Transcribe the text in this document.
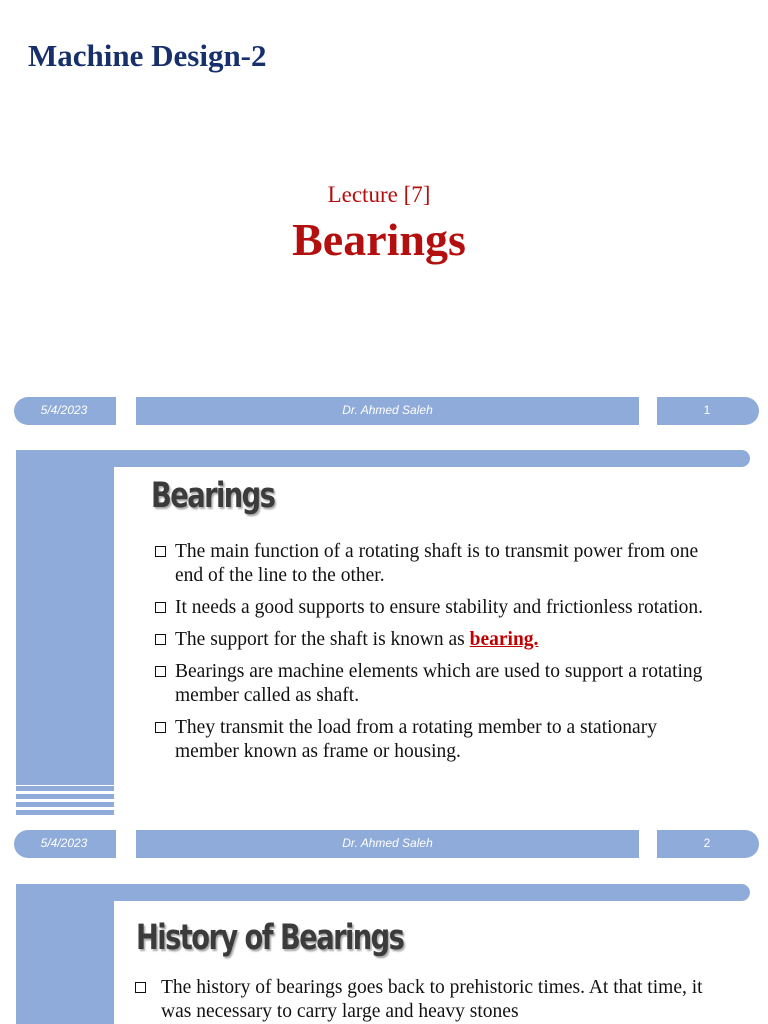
Machine Design-2
Lecture [7]
Bearings
5/4/2023	Dr. Ahmed Saleh	1
Bearings
The main function of a rotating shaft is to transmit power from one end of the line to the other.
It needs a good supports to ensure stability and frictionless rotation.
The support for the shaft is known as bearing.
Bearings are machine elements which are used to support a rotating member called as shaft.
They transmit the load from a rotating member to a stationary member known as frame or housing.
5/4/2023	Dr. Ahmed Saleh	2
History of Bearings
The history of bearings goes back to prehistoric times. At that time, it was necessary to carry large and heavy stones
